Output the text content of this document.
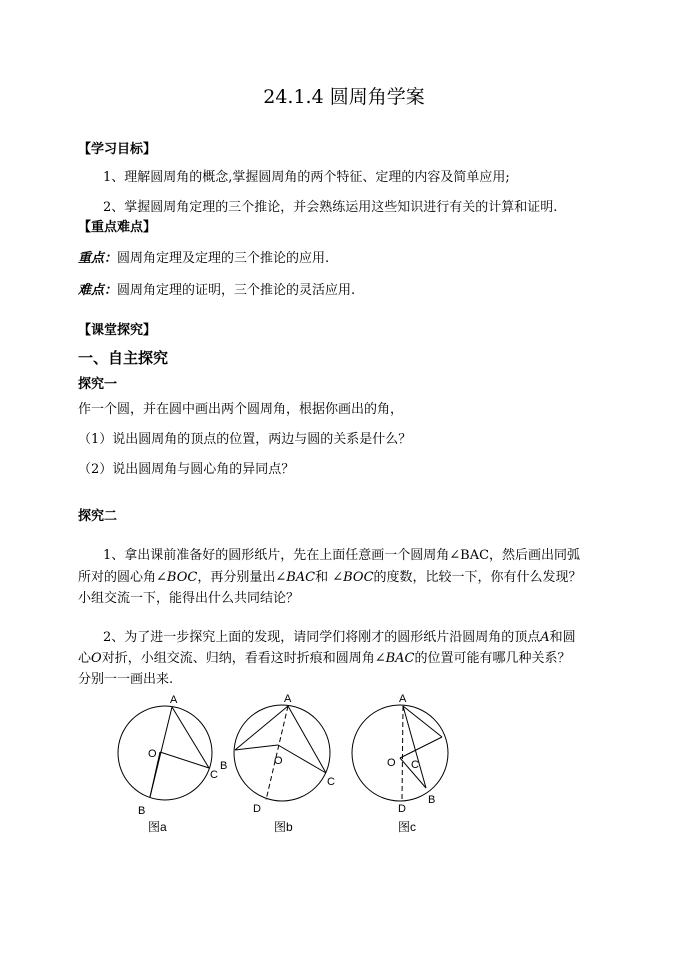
24.1.4 圆周角学案
【学习目标】
1、理解圆周角的概念,掌握圆周角的两个特征、定理的内容及简单应用;
2、掌握圆周角定理的三个推论，并会熟练运用这些知识进行有关的计算和证明.
【重点难点】
重点：圆周角定理及定理的三个推论的应用.
难点：圆周角定理的证明，三个推论的灵活应用.
【课堂探究】
一、自主探究
探究一
作一个圆，并在圆中画出两个圆周角，根据你画出的角，
（1）说出圆周角的顶点的位置，两边与圆的关系是什么？
（2）说出圆周角与圆心角的异同点？
探究二
1、拿出课前准备好的圆形纸片，先在上面任意画一个圆周角∠BAC，然后画出同弧
所对的圆心角∠BOC，再分别量出∠BAC和 ∠BOC的度数，比较一下，你有什么发现？
小组交流一下，能得出什么共同结论？
2、为了进一步探究上面的发现，请同学们将刚才的圆形纸片沿圆周角的顶点A和圆
心O对折，小组交流、归纳，看看这时折痕和圆周角∠BAC的位置可能有哪几种关系？
分别一一画出来.
A
O
C
B
B
图a
A
O
C
D
图b
A
O C
B
D
图c
